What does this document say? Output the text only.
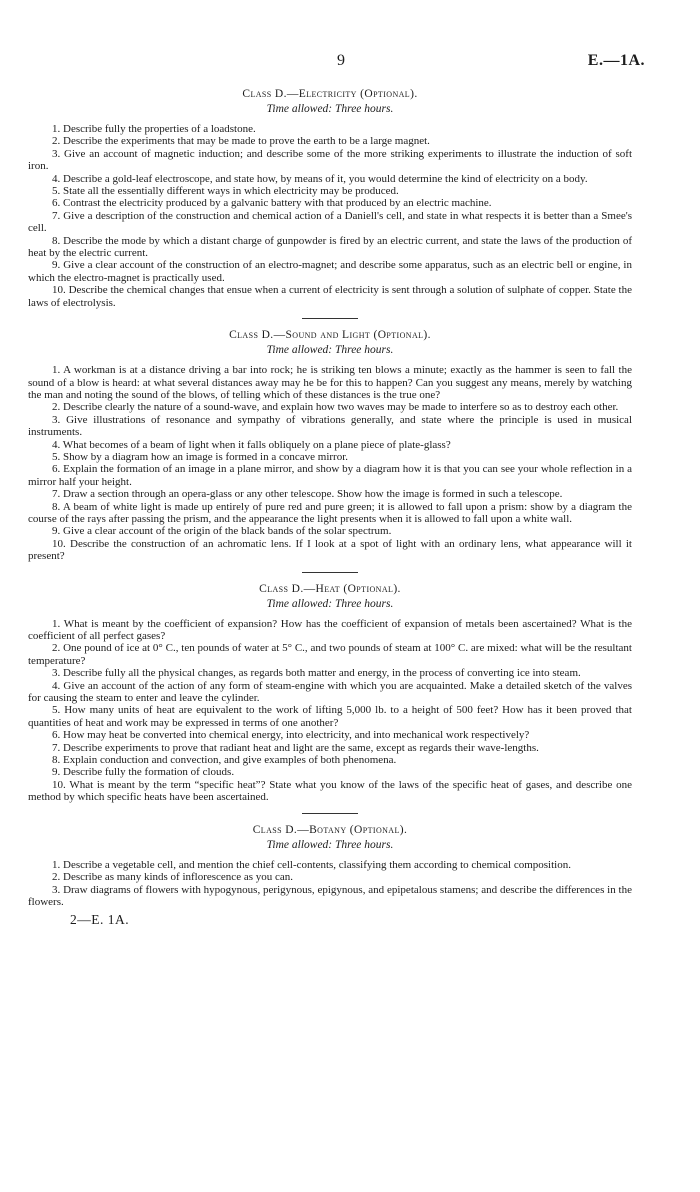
9	E.—1A.
Class D.—Electricity (Optional).
Time allowed: Three hours.
1. Describe fully the properties of a loadstone.
2. Describe the experiments that may be made to prove the earth to be a large magnet.
3. Give an account of magnetic induction; and describe some of the more striking experiments to illustrate the induction of soft iron.
4. Describe a gold-leaf electroscope, and state how, by means of it, you would determine the kind of electricity on a body.
5. State all the essentially different ways in which electricity may be produced.
6. Contrast the electricity produced by a galvanic battery with that produced by an electric machine.
7. Give a description of the construction and chemical action of a Daniell's cell, and state in what respects it is better than a Smee's cell.
8. Describe the mode by which a distant charge of gunpowder is fired by an electric current, and state the laws of the production of heat by the electric current.
9. Give a clear account of the construction of an electro-magnet; and describe some apparatus, such as an electric bell or engine, in which the electro-magnet is practically used.
10. Describe the chemical changes that ensue when a current of electricity is sent through a solution of sulphate of copper. State the laws of electrolysis.
Class D.—Sound and Light (Optional).
Time allowed: Three hours.
1. A workman is at a distance driving a bar into rock; he is striking ten blows a minute; exactly as the hammer is seen to fall the sound of a blow is heard: at what several distances away may he be for this to happen? Can you suggest any means, merely by watching the man and noting the sound of the blows, of telling which of these distances is the true one?
2. Describe clearly the nature of a sound-wave, and explain how two waves may be made to interfere so as to destroy each other.
3. Give illustrations of resonance and sympathy of vibrations generally, and state where the principle is used in musical instruments.
4. What becomes of a beam of light when it falls obliquely on a plane piece of plate-glass?
5. Show by a diagram how an image is formed in a concave mirror.
6. Explain the formation of an image in a plane mirror, and show by a diagram how it is that you can see your whole reflection in a mirror half your height.
7. Draw a section through an opera-glass or any other telescope. Show how the image is formed in such a telescope.
8. A beam of white light is made up entirely of pure red and pure green; it is allowed to fall upon a prism: show by a diagram the course of the rays after passing the prism, and the appearance the light presents when it is allowed to fall upon a white wall.
9. Give a clear account of the origin of the black bands of the solar spectrum.
10. Describe the construction of an achromatic lens. If I look at a spot of light with an ordinary lens, what appearance will it present?
Class D.—Heat (Optional).
Time allowed: Three hours.
1. What is meant by the coefficient of expansion? How has the coefficient of expansion of metals been ascertained? What is the coefficient of all perfect gases?
2. One pound of ice at 0° C., ten pounds of water at 5° C., and two pounds of steam at 100° C. are mixed: what will be the resultant temperature?
3. Describe fully all the physical changes, as regards both matter and energy, in the process of converting ice into steam.
4. Give an account of the action of any form of steam-engine with which you are acquainted. Make a detailed sketch of the valves for causing the steam to enter and leave the cylinder.
5. How many units of heat are equivalent to the work of lifting 5,000 lb. to a height of 500 feet? How has it been proved that quantities of heat and work may be expressed in terms of one another?
6. How may heat be converted into chemical energy, into electricity, and into mechanical work respectively?
7. Describe experiments to prove that radiant heat and light are the same, except as regards their wave-lengths.
8. Explain conduction and convection, and give examples of both phenomena.
9. Describe fully the formation of clouds.
10. What is meant by the term “specific heat”? State what you know of the laws of the specific heat of gases, and describe one method by which specific heats have been ascertained.
Class D.—Botany (Optional).
Time allowed: Three hours.
1. Describe a vegetable cell, and mention the chief cell-contents, classifying them according to chemical composition.
2. Describe as many kinds of inflorescence as you can.
3. Draw diagrams of flowers with hypogynous, perigynous, epigynous, and epipetalous stamens; and describe the differences in the flowers.
2—E. 1A.
